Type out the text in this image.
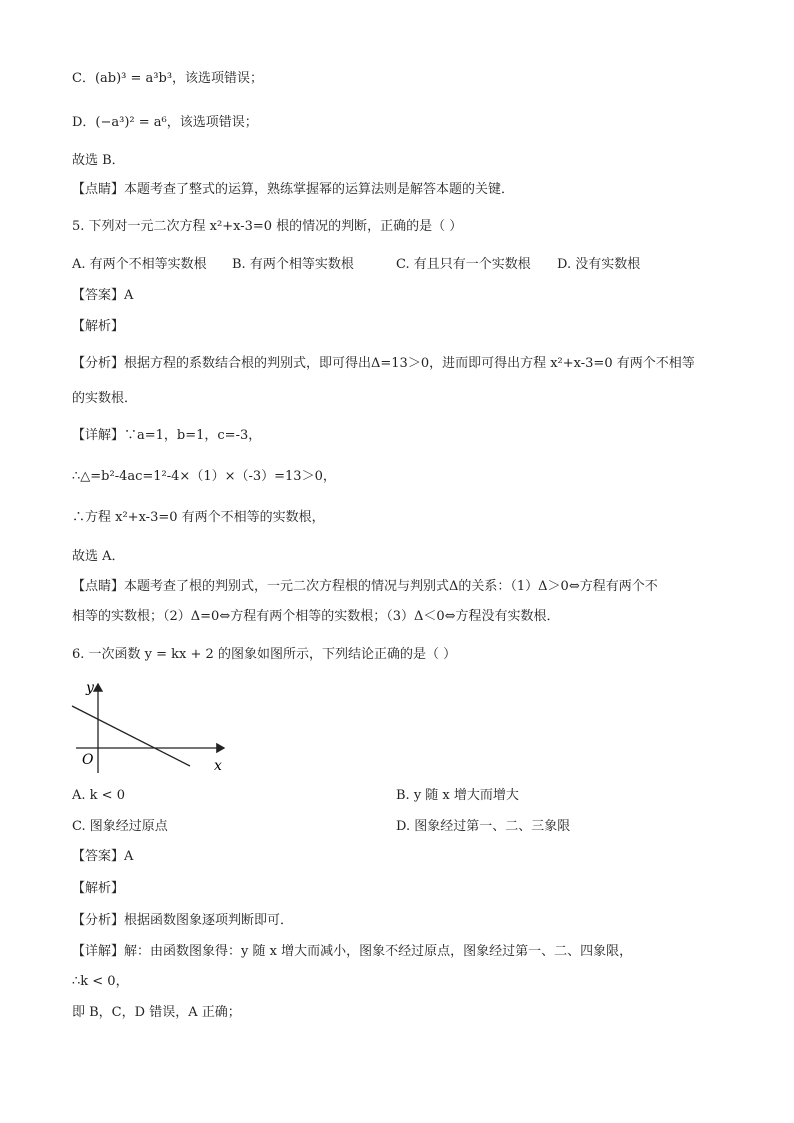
C．(ab)³ = a³b³，该选项错误；
D．(−a³)² = a⁶，该选项错误；
故选 B．
【点睛】本题考查了整式的运算，熟练掌握幂的运算法则是解答本题的关键．
5. 下列对一元二次方程 x²+x-3=0 根的情况的判断，正确的是（ ）
A. 有两个不相等实数根 B. 有两个相等实数根	C. 有且只有一个实数根 D. 没有实数根
【答案】A
【解析】
【分析】根据方程的系数结合根的判别式，即可得出Δ=13＞0，进而即可得出方程 x²+x-3=0 有两个不相等
的实数根．
【详解】∵a=1，b=1，c=-3，
∴△=b²-4ac=1²-4×（1）×（-3）=13＞0，
∴方程 x²+x-3=0 有两个不相等的实数根，
故选 A．
【点睛】本题考查了根的判别式，一元二次方程根的情况与判别式Δ的关系：（1）Δ＞0⇔方程有两个不
相等的实数根；（2）Δ=0⇔方程有两个相等的实数根；（3）Δ＜0⇔方程没有实数根．
6. 一次函数 y = kx + 2 的图象如图所示，下列结论正确的是（ ）
y
x
O
A. k < 0	B. y 随 x 增大而增大
C. 图象经过原点	D. 图象经过第一、二、三象限
【答案】A
【解析】
【分析】根据函数图象逐项判断即可．
【详解】解：由函数图象得：y 随 x 增大而减小，图象不经过原点，图象经过第一、二、四象限，
∴k < 0，
即 B，C，D 错误，A 正确；
